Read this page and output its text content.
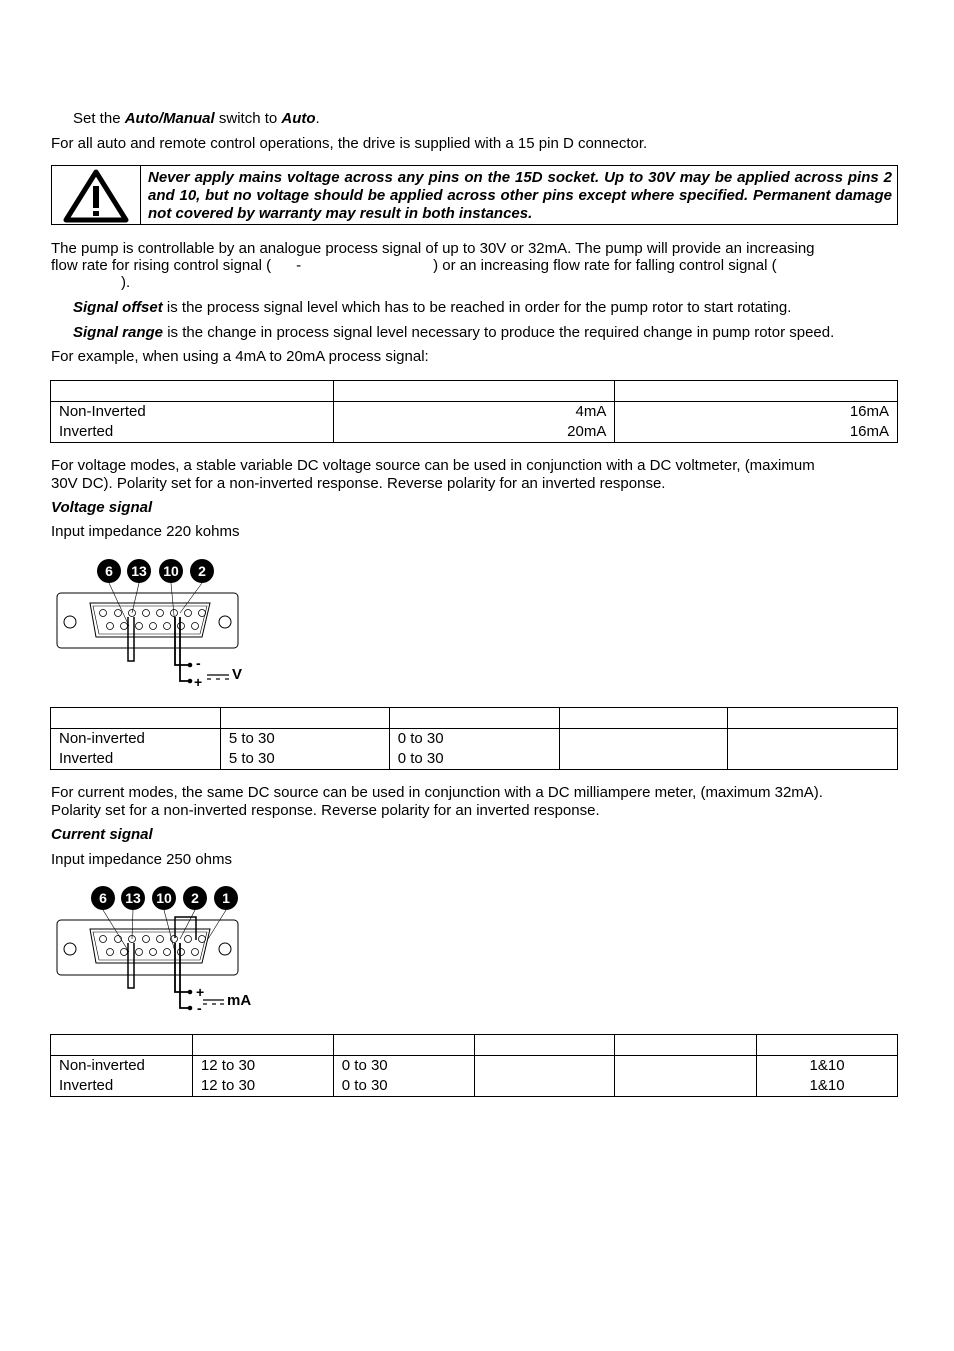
Set the Auto/Manual switch to Auto.
For all auto and remote control operations, the drive is supplied with a 15 pin D connector.
Never apply mains voltage across any pins on the 15D socket. Up to 30V may be applied across pins 2 and 10, but no voltage should be applied across other pins except where specified. Permanent damage not covered by warranty may result in both instances.
The pump is controllable by an analogue process signal of up to 30V or 32mA. The pump will provide an increasing
flow rate for rising control signal ( -	) or an increasing flow rate for falling control signal (
).
Signal offset is the process signal level which has to be reached in order for the pump rotor to start rotating.
Signal range is the change in process signal level necessary to produce the required change in pump rotor speed.
For example, when using a 4mA to 20mA process signal:

Non-Inverted	4mA	16mA
Inverted	20mA	16mA
For voltage modes, a stable variable DC voltage source can be used in conjunction with a DC voltmeter, (maximum
30V DC). Polarity set for a non-inverted response. Reverse polarity for an inverted response.
Voltage signal
Input impedance 220 kohms
6 13 10 2
-
+ V

Non-inverted	5 to 30	0 to 30		
Inverted	5 to 30	0 to 30		
For current modes, the same DC source can be used in conjunction with a DC milliampere meter, (maximum 32mA).
Polarity set for a non-inverted response. Reverse polarity for an inverted response.
Current signal
Input impedance 250 ohms
6 13 10 2 1
+
- mA

Non-inverted	12 to 30	0 to 30			1&10
Inverted	12 to 30	0 to 30			1&10
